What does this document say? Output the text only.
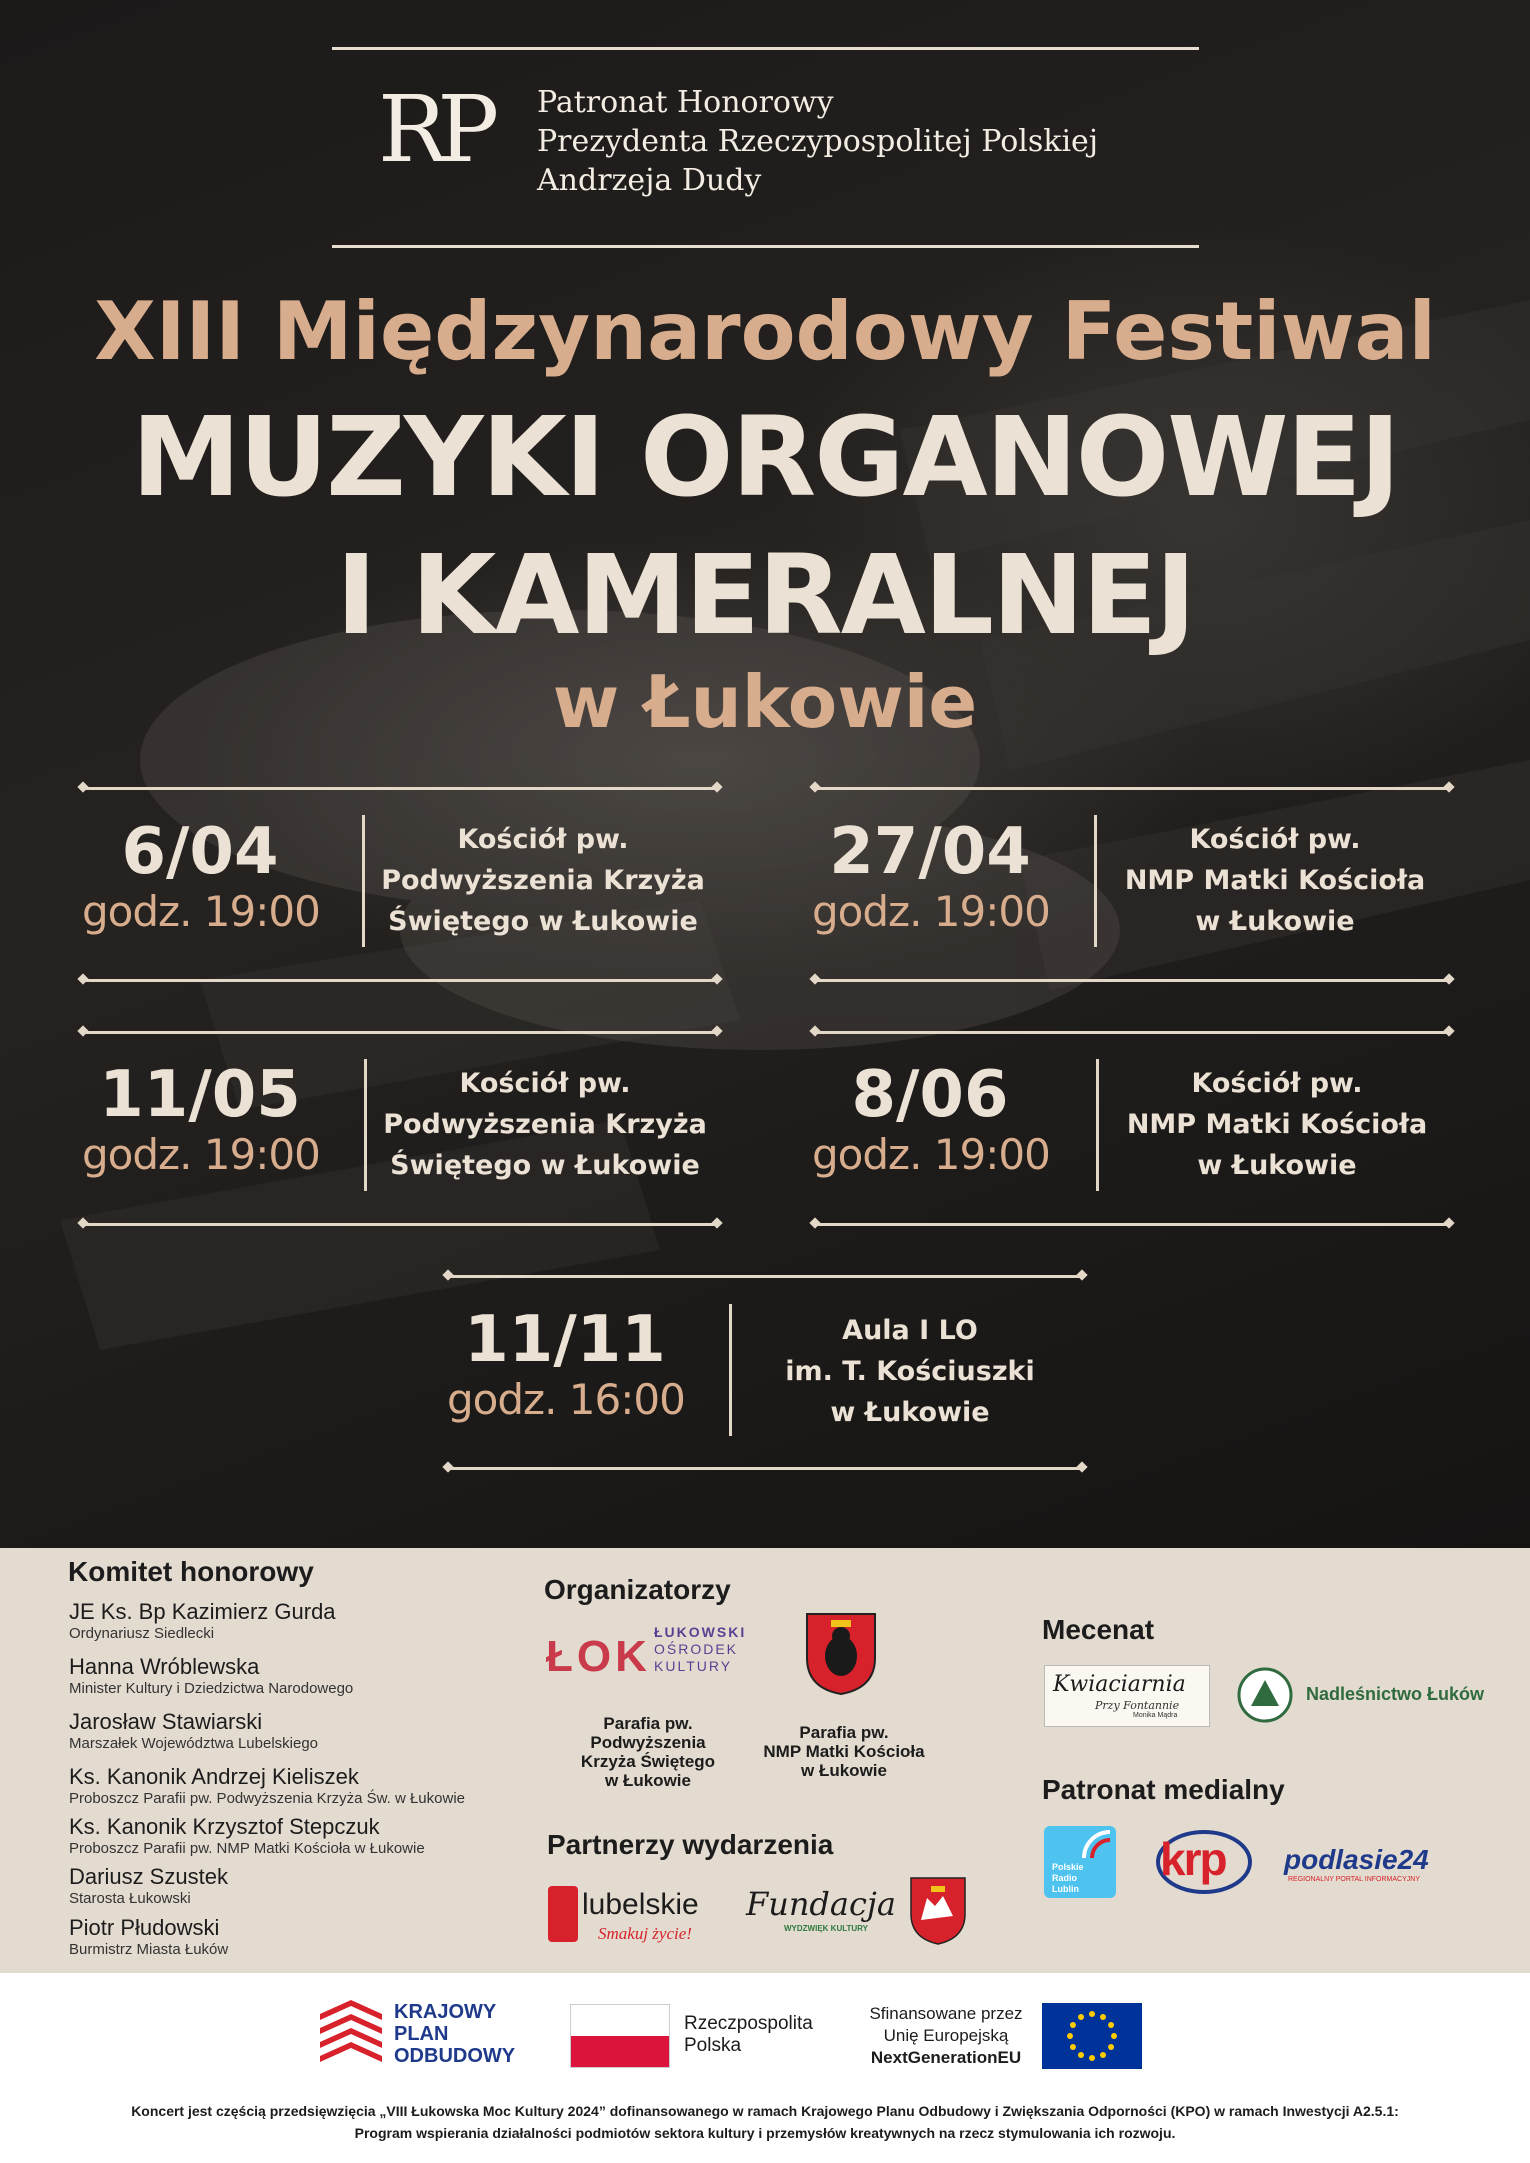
RP	Patronat Honorowy
Prezydenta Rzeczypospolitej Polskiej
Andrzeja Dudy
XIII Międzynarodowy Festiwal
MUZYKI ORGANOWEJ
I KAMERALNEJ
w Łukowie
6/04
godz. 19:00
Kościół pw.
Podwyższenia Krzyża
Świętego w Łukowie
27/04
godz. 19:00
Kościół pw.
NMP Matki Kościoła
w Łukowie
11/05
godz. 19:00
Kościół pw.
Podwyższenia Krzyża
Świętego w Łukowie
8/06
godz. 19:00
Kościół pw.
NMP Matki Kościoła
w Łukowie
11/11
godz. 16:00
Aula I LO
im. T. Kościuszki
w Łukowie
Komitet honorowy
JE Ks. Bp Kazimierz Gurda
Ordynariusz Siedlecki
Hanna Wróblewska
Minister Kultury i Dziedzictwa Narodowego
Jarosław Stawiarski
Marszałek Województwa Lubelskiego
Ks. Kanonik Andrzej Kieliszek
Proboszcz Parafii pw. Podwyższenia Krzyża Św. w Łukowie
Ks. Kanonik Krzysztof Stepczuk
Proboszcz Parafii pw. NMP Matki Kościoła w Łukowie
Dariusz Szustek
Starosta Łukowski
Piotr Płudowski
Burmistrz Miasta Łuków
Organizatorzy
ŁOK ŁUKOWSKI
OŚRODEK
KULTURY
Parafia pw.
Podwyższenia
Krzyża Świętego
w Łukowie
Parafia pw.
NMP Matki Kościoła
w Łukowie
Partnerzy wydarzenia
lubelskie
Smakuj życie!
Fundacja
WYDZWIĘK KULTURY
Mecenat
Kwiaciarnia
Przy Fontannie
Monika Mądra
Nadleśnictwo Łuków
Patronat medialny
Polskie
Radio
Lublin
krp podlasie24
REGIONALNY PORTAL INFORMACYJNY
KRAJOWY
PLAN
ODBUDOWY
Rzeczpospolita
Polska
Sfinansowane przez
Unię Europejską
NextGenerationEU
Koncert jest częścią przedsięwzięcia „VIII Łukowska Moc Kultury 2024” dofinansowanego w ramach Krajowego Planu Odbudowy i Zwiększania Odporności (KPO) w ramach Inwestycji A2.5.1:
Program wspierania działalności podmiotów sektora kultury i przemysłów kreatywnych na rzecz stymulowania ich rozwoju.
